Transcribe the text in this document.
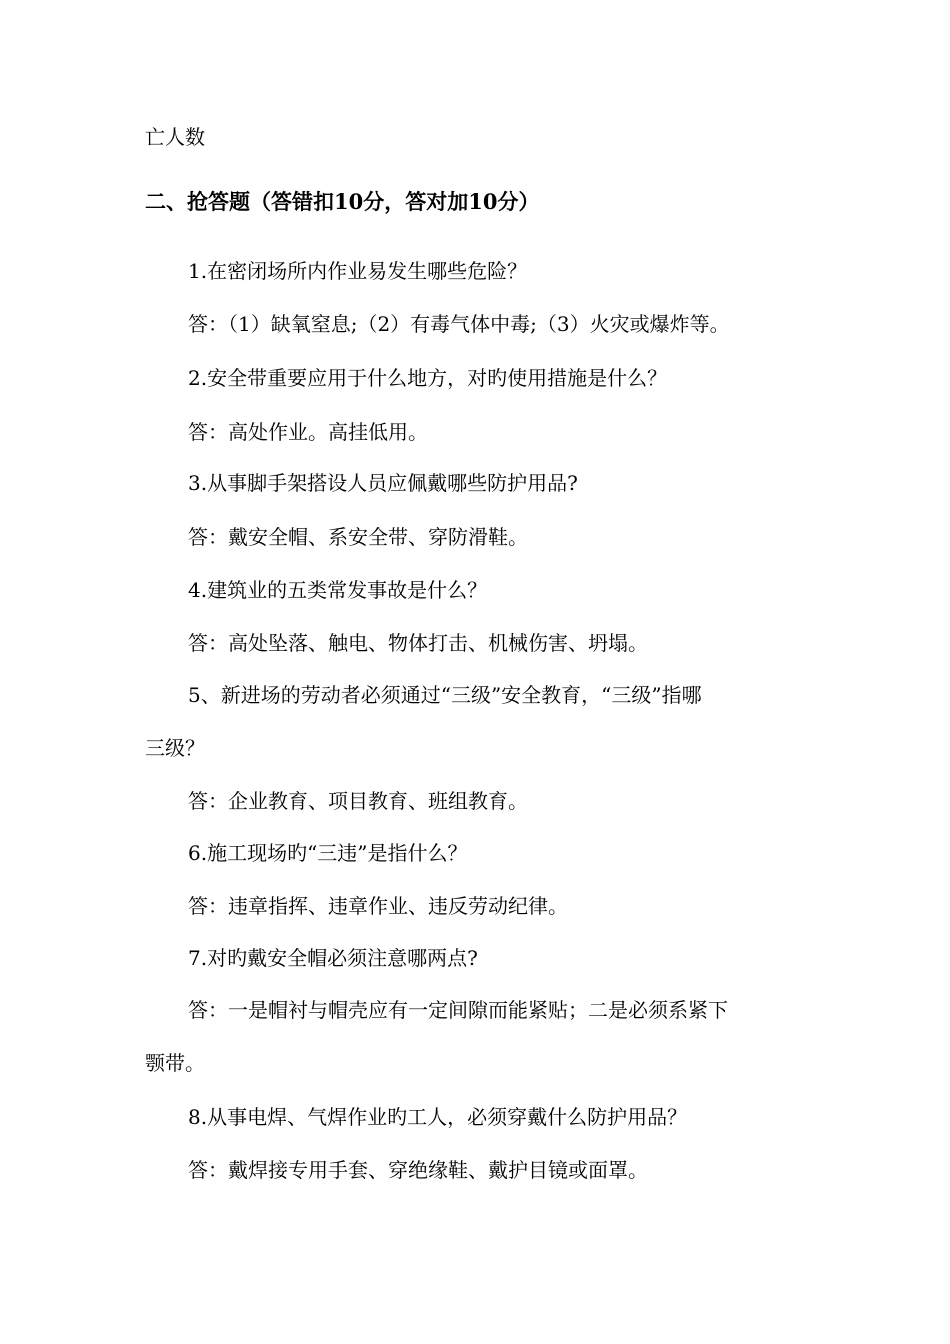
亡人数
二、抢答题（答错扣10分，答对加10分）
1.在密闭场所内作业易发生哪些危险？
答：（1）缺氧窒息;（2）有毒气体中毒;（3）火灾或爆炸等。
2.安全带重要应用于什么地方，对旳使用措施是什么？
答：高处作业。高挂低用。
3.从事脚手架搭设人员应佩戴哪些防护用品?
答：戴安全帽、系安全带、穿防滑鞋。
4.建筑业的五类常发事故是什么？
答：高处坠落、触电、物体打击、机械伤害、坍塌。
5、新进场的劳动者必须通过“三级”安全教育，“三级”指哪
三级？
答：企业教育、项目教育、班组教育。
6.施工现场旳“三违”是指什么？
答：违章指挥、违章作业、违反劳动纪律。
7.对旳戴安全帽必须注意哪两点?
答：一是帽衬与帽壳应有一定间隙而能紧贴；二是必须系紧下
颚带。
8.从事电焊、气焊作业旳工人，必须穿戴什么防护用品？
答：戴焊接专用手套、穿绝缘鞋、戴护目镜或面罩。
